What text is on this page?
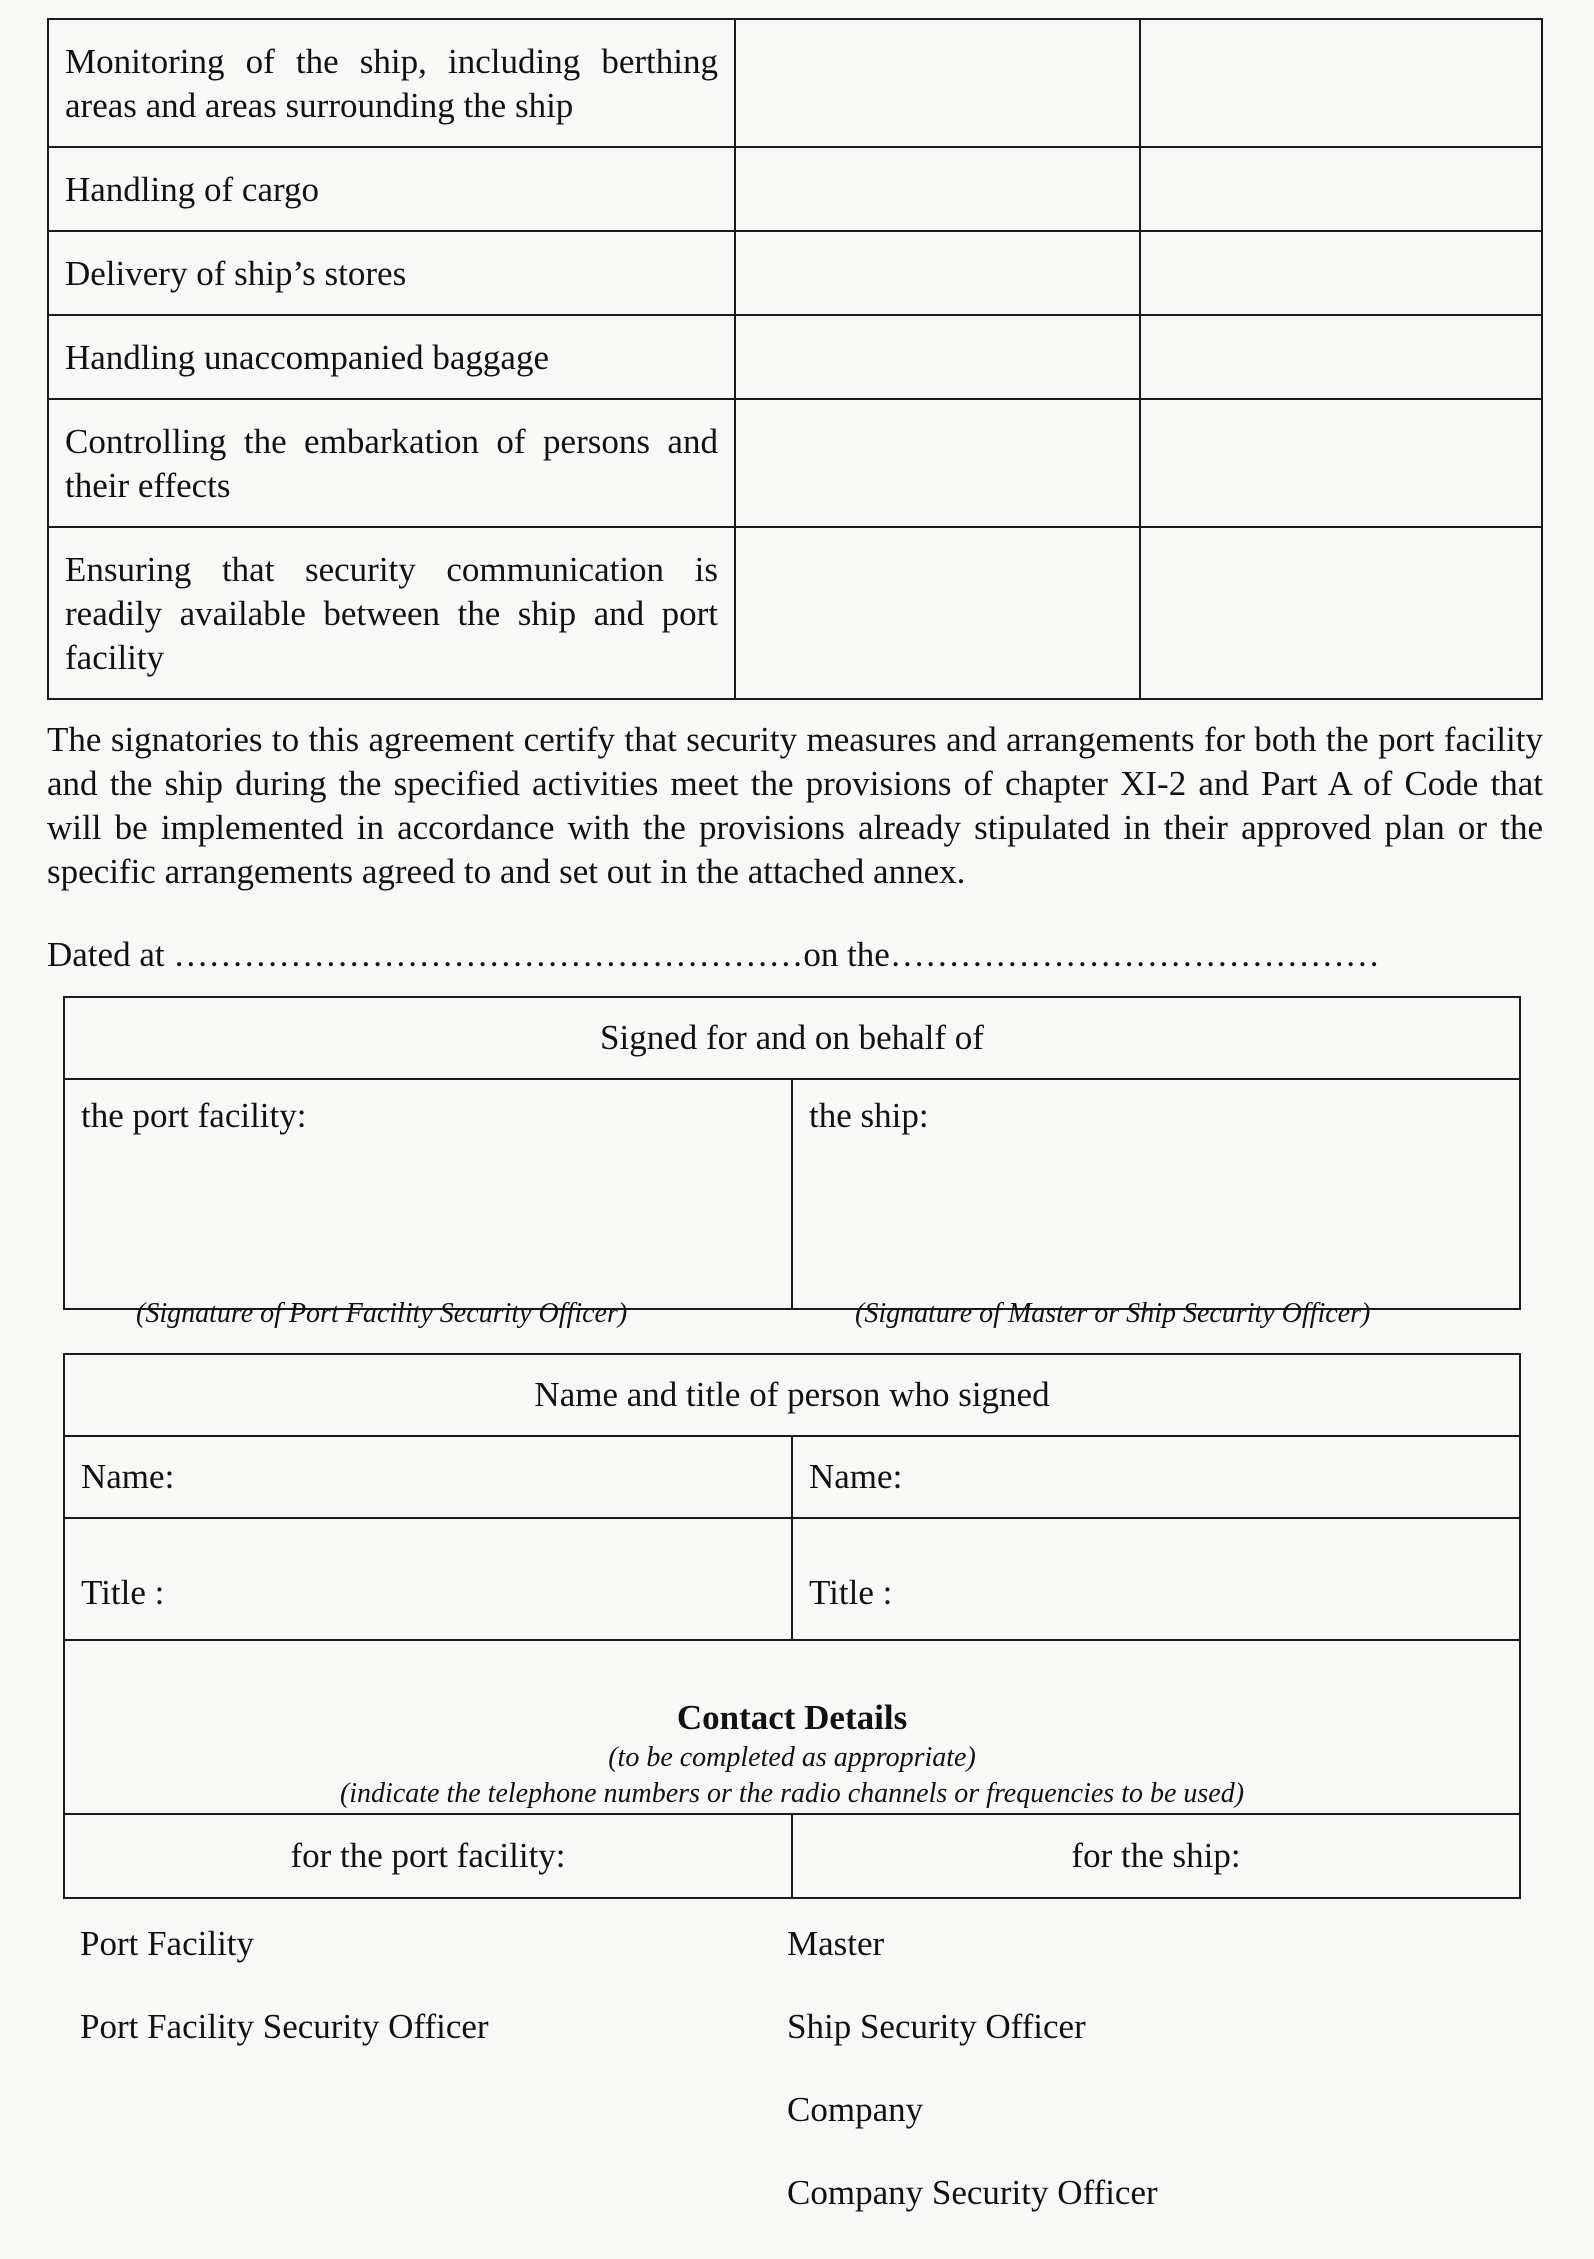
Monitoring of the ship, including berthing areas and areas surrounding the ship		
Handling of cargo		
Delivery of ship’s stores		
Handling unaccompanied baggage		
Controlling the embarkation of persons and their effects		
Ensuring that security communication is readily available between the ship and port facility		

The signatories to this agreement certify that security measures and arrangements for both the port facility and the ship during the specified activities meet the provisions of chapter XI-2 and Part A of Code that will be implemented in accordance with the provisions already stipulated in their approved plan or the specific arrangements agreed to and set out in the attached annex.

Dated at ………………………………………………on the……………………………………
Signed for and on behalf of
the port facility:	the ship:
(Signature of Port Facility Security Officer)	(Signature of Master or Ship Security Officer)
Name and title of person who signed	
Name:	Name:

Title :	Title :

Contact Details
(to be completed as appropriate)
(indicate the telephone numbers or the radio channels or frequencies to be used)	

for the port facility:	for the ship:
Port Facility
Port Facility Security Officer
Master
Ship Security Officer
Company
Company Security Officer
